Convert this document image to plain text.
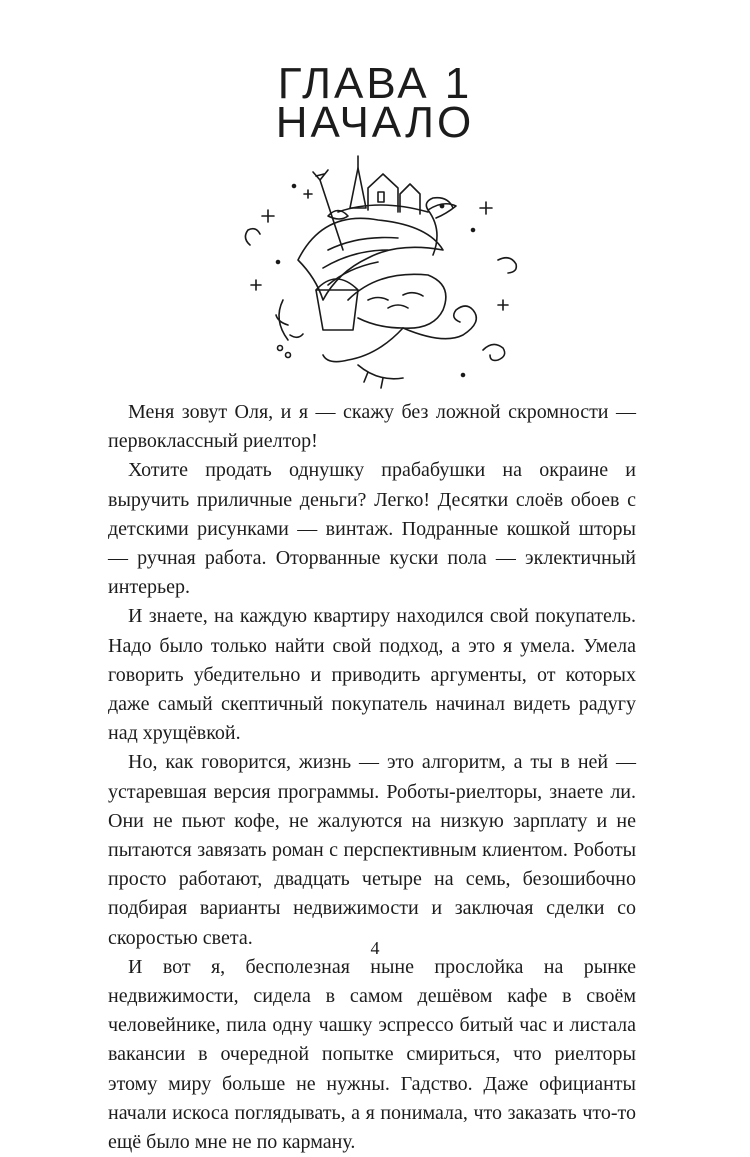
ГЛАВА 1
НАЧАЛО

Меня зовут Оля, и я — скажу без ложной скромности — первоклассный риелтор!

Хотите продать однушку прабабушки на окраине и выручить приличные деньги? Легко! Десятки слоёв обоев с детскими рисунками — винтаж. Подранные кошкой шторы — ручная работа. Оторванные куски пола — эклектичный интерьер.

И знаете, на каждую квартиру находился свой покупатель. Надо было только найти свой подход, а это я умела. Умела говорить убедительно и приводить аргументы, от которых даже самый скептичный покупатель начинал видеть радугу над хрущёвкой.

Но, как говорится, жизнь — это алгоритм, а ты в ней — устаревшая версия программы. Роботы-риелторы, знаете ли. Они не пьют кофе, не жалуются на низкую зарплату и не пытаются завязать роман с перспективным клиентом. Роботы просто работают, двадцать четыре на семь, безошибочно подбирая варианты недвижимости и заключая сделки со скоростью света.

И вот я, бесполезная ныне прослойка на рынке недвижимости, сидела в самом дешёвом кафе в своём человейнике, пила одну чашку эспрессо битый час и листала вакансии в очередной попытке смириться, что риелторы этому миру больше не нужны. Гадство. Даже официанты начали искоса поглядывать, а я понимала, что заказать что-то ещё было мне не по карману.

4
